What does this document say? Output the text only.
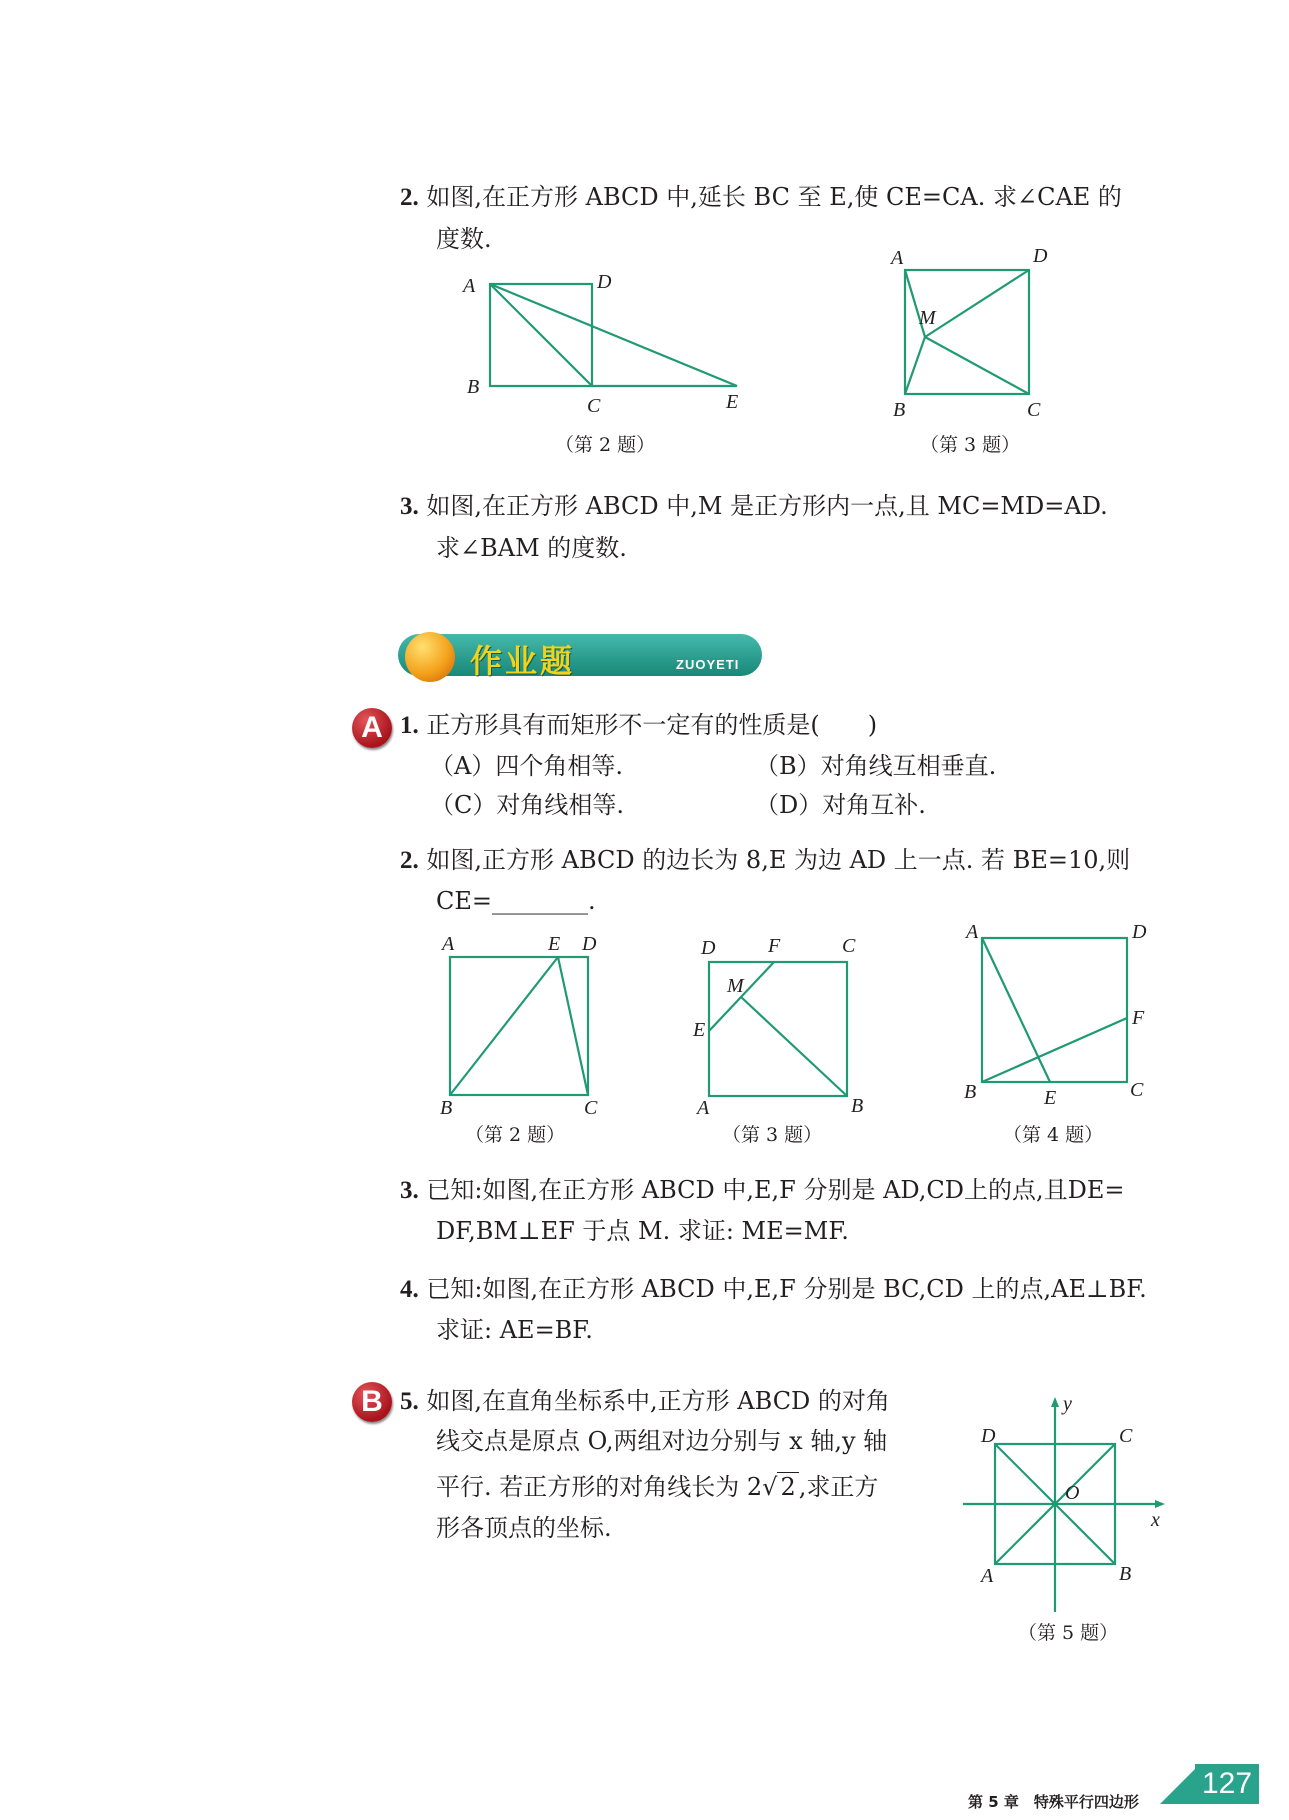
2. 如图,在正方形 ABCD 中,延长 BC 至 E,使 CE=CA. 求∠CAE 的
度数.
A	D
B
C	E
（第 2 题）
A	D
M
B	C
（第 3 题）
3. 如图,在正方形 ABCD 中,M 是正方形内一点,且 MC=MD=AD.
求∠BAM 的度数.
作业题	ZUOYETI
A 1. 正方形具有而矩形不一定有的性质是(　　)
（A）四个角相等.	（B）对角线互相垂直.
（C）对角线相等.	（D）对角互补.
2. 如图,正方形 ABCD 的边长为 8,E 为边 AD 上一点. 若 BE=10,则
CE=________.
A	E D
B	C
（第 2 题）
D	F	C
M
E
A	B
（第 3 题）
A	D
F
B	E	C
（第 4 题）
3. 已知:如图,在正方形 ABCD 中,E,F 分别是 AD,CD上的点,且DE=
DF,BM⊥EF 于点 M. 求证: ME=MF.
4. 已知:如图,在正方形 ABCD 中,E,F 分别是 BC,CD 上的点,AE⊥BF.
求证: AE=BF.
B 5. 如图,在直角坐标系中,正方形 ABCD 的对角
线交点是原点 O,两组对边分别与 x 轴,y 轴
平行. 若正方形的对角线长为 2√ 2 ,求正方
形各顶点的坐标.
y
D	C
O
x
A	B
（第 5 题）
127
第 5 章　特殊平行四边形
